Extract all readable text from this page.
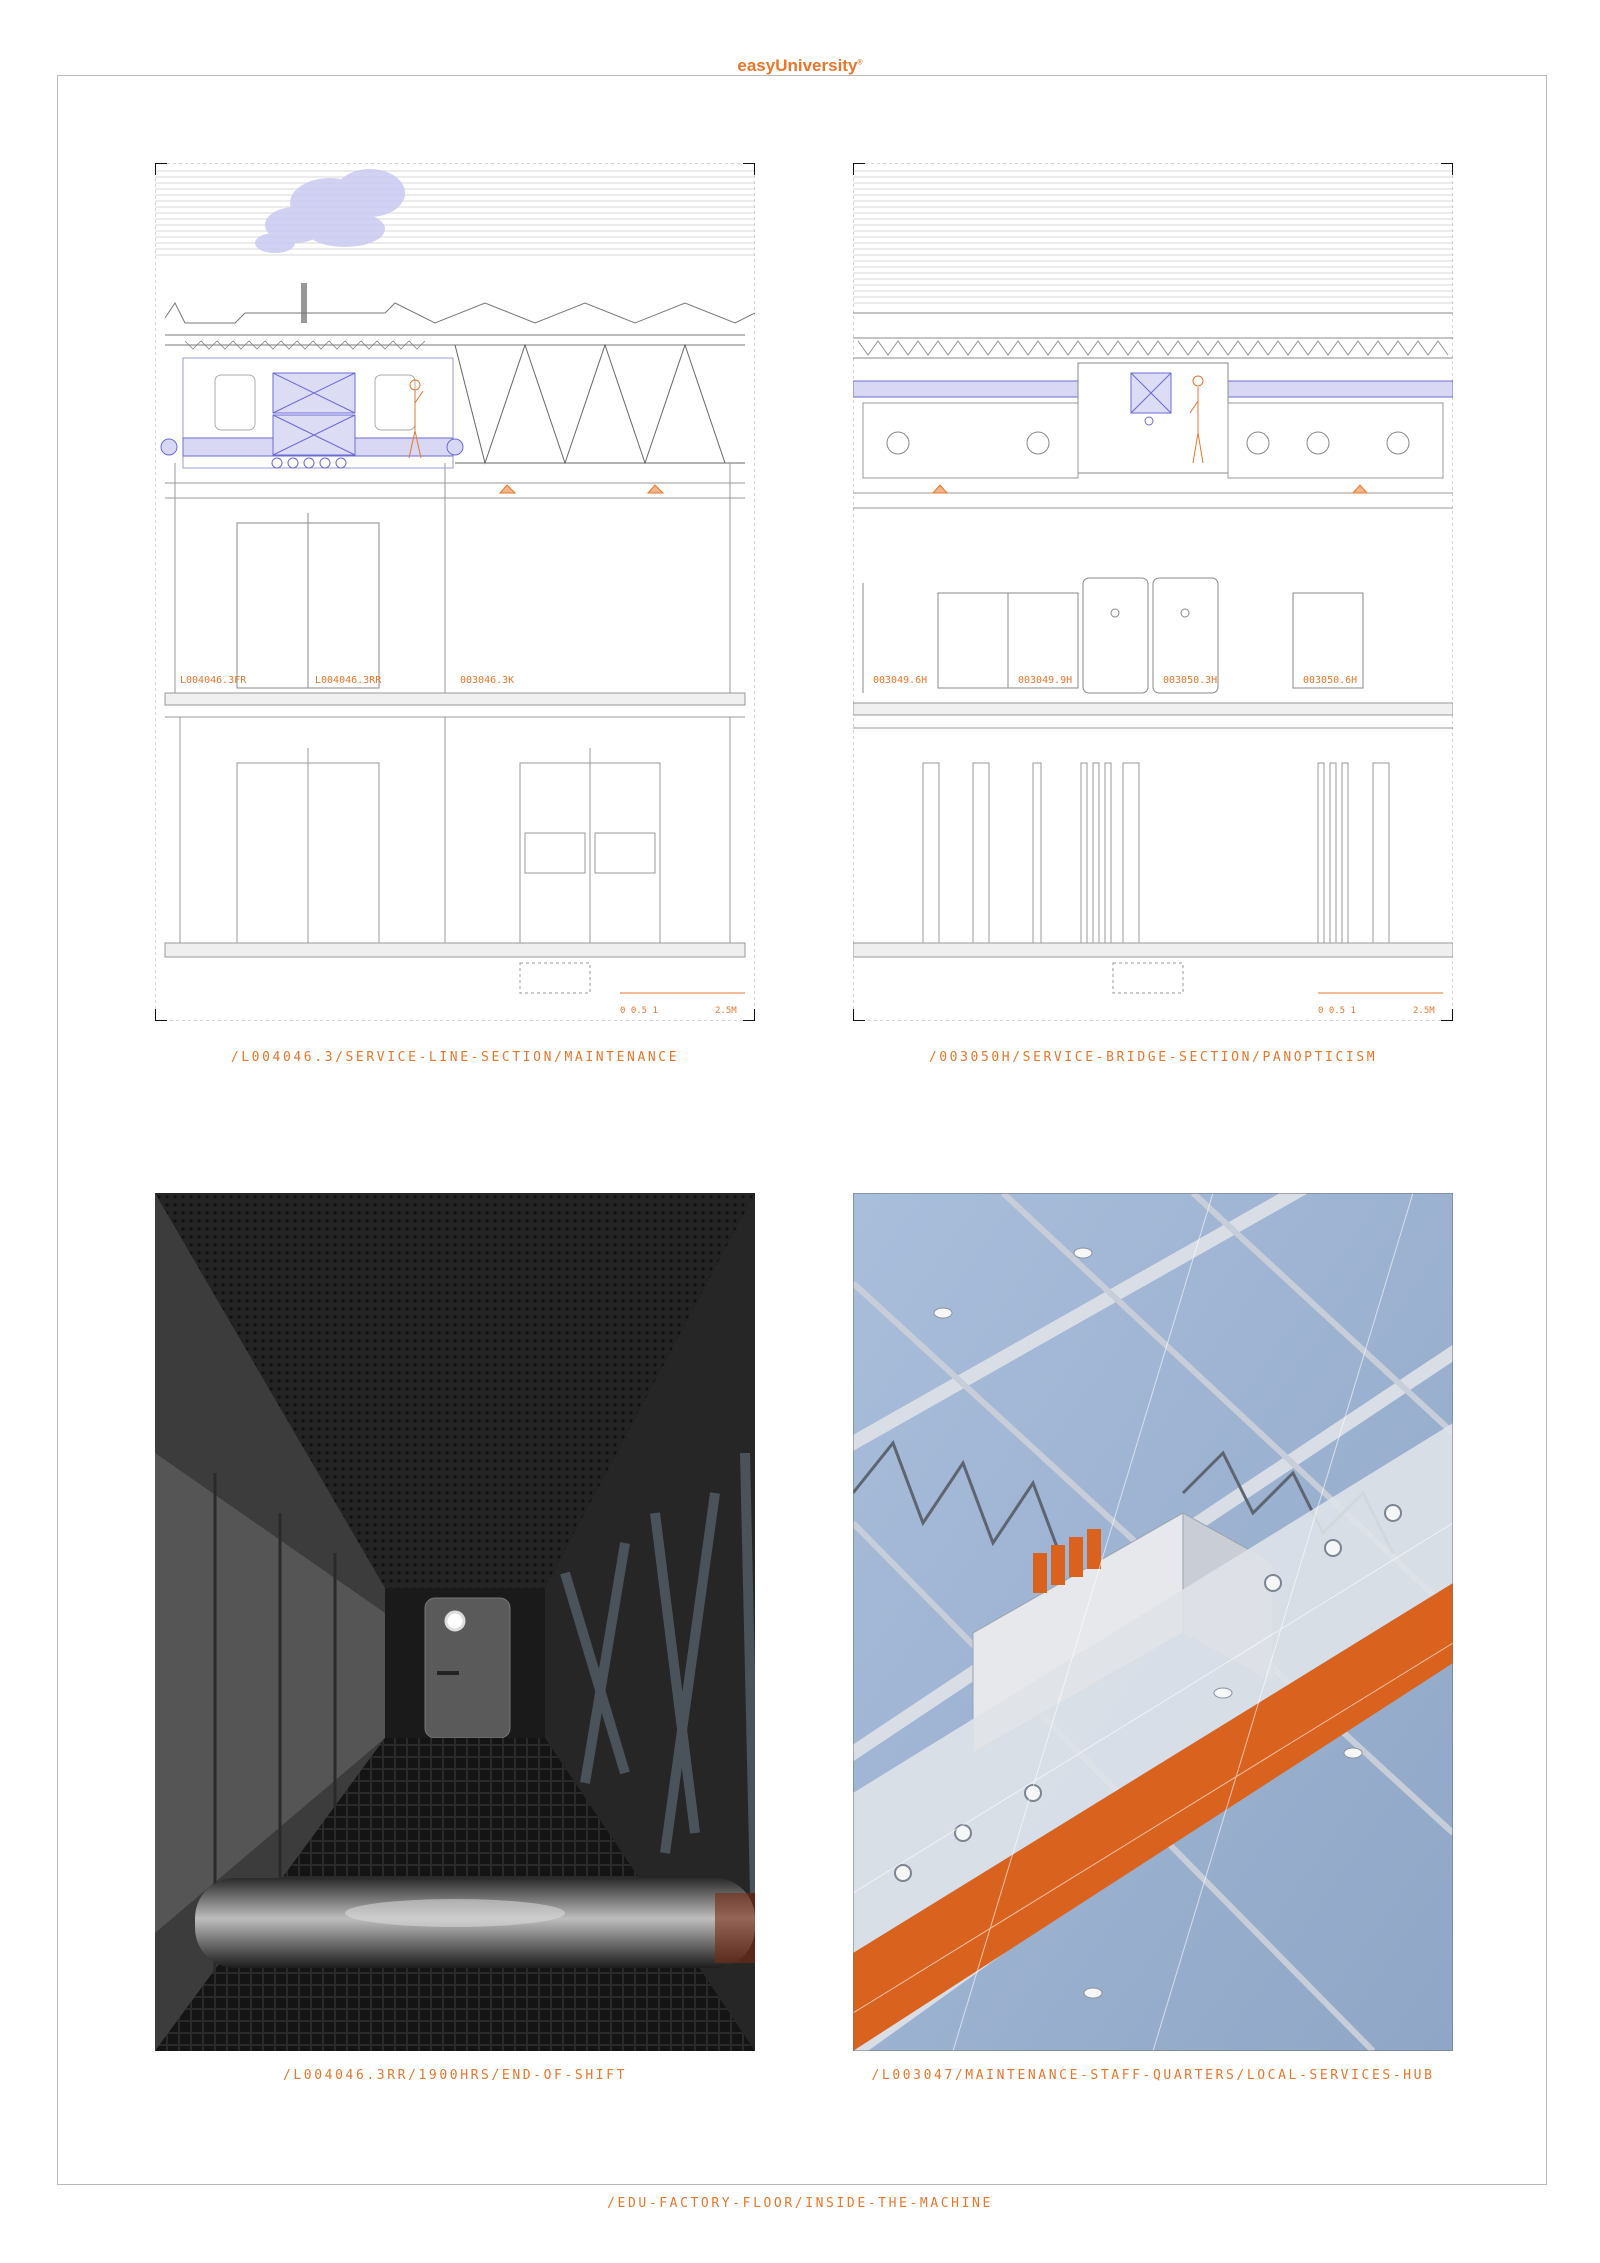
easyUniversity®
0 0.5 1	2.5M
L004046.3FR	L004046.3RR	003046.3K
/L004046.3/SERVICE-LINE-SECTION/MAINTENANCE
0 0.5 1	2.5M
003049.6H	003049.9H	003050.3H	003050.6H
/003050H/SERVICE-BRIDGE-SECTION/PANOPTICISM
/L004046.3RR/1900HRS/END-OF-SHIFT	/L003047/MAINTENANCE-STAFF-QUARTERS/LOCAL-SERVICES-HUB
/EDU-FACTORY-FLOOR/INSIDE-THE-MACHINE
